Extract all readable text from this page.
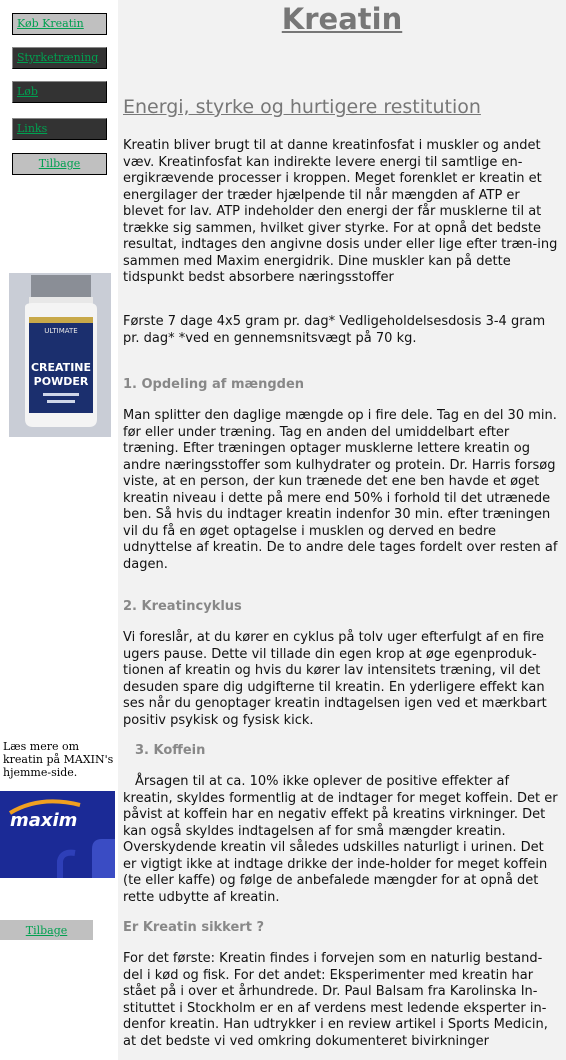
Køb Kreatin
Styrketræning
Løb
Links
Tilbage
ULTIMATE
CREATINE
POWDER
Læs mere om kreatin på MAXIN's hjemme-side.
maxim
Tilbage
Kreatin
Energi, styrke og hurtigere restitution

Kreatin bliver brugt til at danne kreatinfosfat i muskler og andet væv. Kreatinfosfat kan indirekte levere energi til samtlige en-ergikrævende processer i kroppen. Meget forenklet er kreatin et energilager der træder hjælpende til når mængden af ATP er blevet for lav. ATP indeholder den energi der får musklerne til at trække sig sammen, hvilket giver styrke. For at opnå det bedste resultat, indtages den angivne dosis under eller lige efter træn-ing sammen med Maxim energidrik. Dine muskler kan på dette tidspunkt bedst absorbere næringsstoffer

Første 7 dage 4x5 gram pr. dag* Vedligeholdelsesdosis 3-4 gram pr. dag* *ved en gennemsnitsvægt på 70 kg.

1. Opdeling af mængden

Man splitter den daglige mængde op i fire dele. Tag en del 30 min. før eller under træning. Tag en anden del umiddelbart efter træning. Efter træningen optager musklerne lettere kreatin og andre næringsstoffer som kulhydrater og protein. Dr. Harris forsøg viste, at en person, der kun trænede det ene ben havde et øget kreatin niveau i dette på mere end 50% i forhold til det utrænede ben. Så hvis du indtager kreatin indenfor 30 min. efter træningen vil du få en øget optagelse i musklen og derved en bedre udnyttelse af kreatin. De to andre dele tages fordelt over resten af dagen.

2. Kreatincyklus

Vi foreslår, at du kører en cyklus på tolv uger efterfulgt af en fire ugers pause. Dette vil tillade din egen krop at øge egenproduk-tionen af kreatin og hvis du kører lav intensitets træning, vil det desuden spare dig udgifterne til kreatin. En yderligere effekt kan ses når du genoptager kreatin indtagelsen igen ved et mærkbart positiv psykisk og fysisk kick.

3. Koffein

Årsagen til at ca. 10% ikke oplever de positive effekter af kreatin, skyldes formentlig at de indtager for meget koffein. Det er påvist at koffein har en negativ effekt på kreatins virkninger. Det kan også skyldes indtagelsen af for små mængder kreatin. Overskydende kreatin vil således udskilles naturligt i urinen. Det er vigtigt ikke at indtage drikke der inde-holder for meget koffein (te eller kaffe) og følge de anbefalede mængder for at opnå det rette udbytte af kreatin.

Er Kreatin sikkert ?

For det første: Kreatin findes i forvejen som en naturlig bestand-del i kød og fisk. For det andet: Eksperimenter med kreatin har stået på i over et århundrede. Dr. Paul Balsam fra Karolinska In-stituttet i Stockholm er en af verdens mest ledende eksperter in-denfor kreatin. Han udtrykker i en review artikel i Sports Medicin, at det bedste vi ved omkring dokumenteret bivirkninger
